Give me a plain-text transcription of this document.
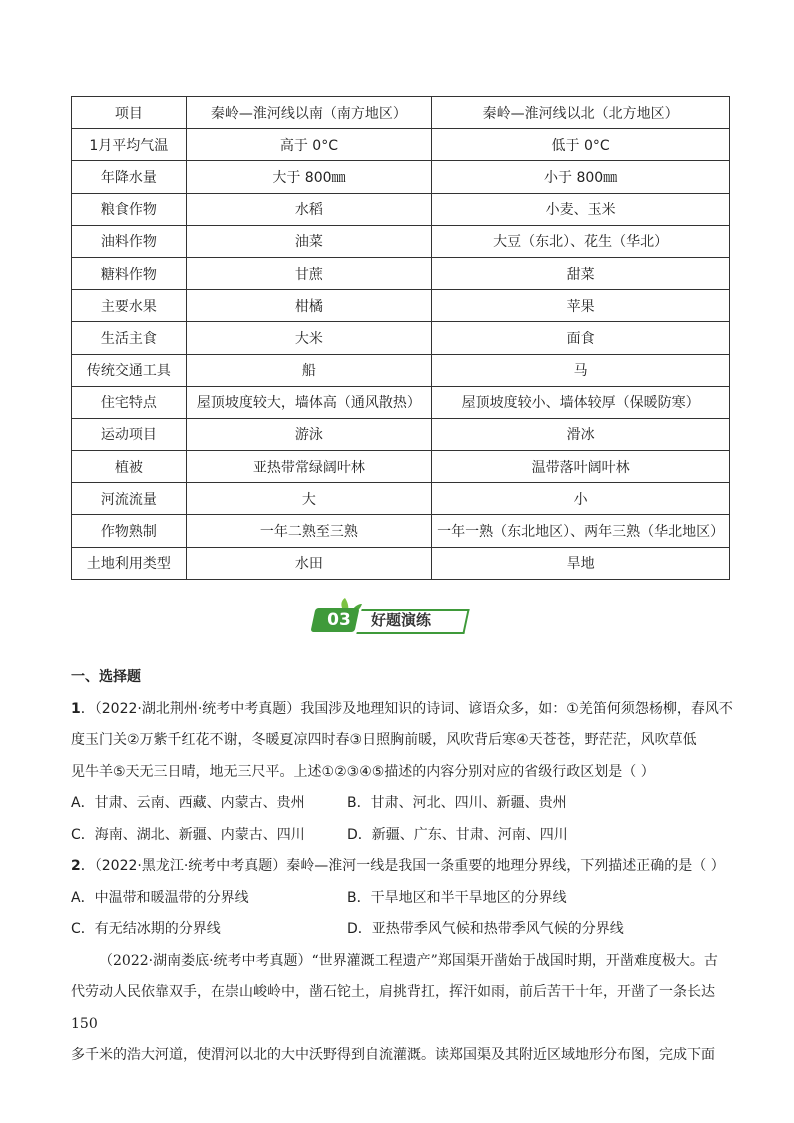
项目	秦岭—淮河线以南（南方地区）	秦岭—淮河线以北（北方地区）
1月平均气温	高于 0°C	低于 0°C
年降水量	大于 800㎜	小于 800㎜
粮食作物	水稻	小麦、玉米
油料作物	油菜	大豆（东北）、花生（华北）
糖料作物	甘蔗	甜菜
主要水果	柑橘	苹果
生活主食	大米	面食
传统交通工具	船	马
住宅特点	屋顶坡度较大，墙体高（通风散热）	屋顶坡度较小、墙体较厚（保暖防寒）
运动项目	游泳	滑冰
植被	亚热带常绿阔叶林	温带落叶阔叶林
河流流量	大	小
作物熟制	一年二熟至三熟	一年一熟（东北地区）、两年三熟（华北地区）
土地利用类型	水田	旱地
03	好题演练

一、选择题

1．（2022·湖北荆州·统考中考真题）我国涉及地理知识的诗词、谚语众多，如：①羌笛何须怨杨柳，春风不

度玉门关②万紫千红花不谢，冬暖夏凉四时春③日照胸前暖，风吹背后寒④天苍苍，野茫茫，风吹草低

见牛羊⑤天无三日晴，地无三尺平。上述①②③④⑤描述的内容分别对应的省级行政区划是（ ）

A．甘肃、云南、西藏、内蒙古、贵州	B．甘肃、河北、四川、新疆、贵州
C．海南、湖北、新疆、内蒙古、四川	D．新疆、广东、甘肃、河南、四川

2．（2022·黑龙江·统考中考真题）秦岭—淮河一线是我国一条重要的地理分界线，下列描述正确的是（ ）

A．中温带和暖温带的分界线	B．干旱地区和半干旱地区的分界线
C．有无结冰期的分界线	D．亚热带季风气候和热带季风气候的分界线

（2022·湖南娄底·统考中考真题）“世界灌溉工程遗产”郑国渠开凿始于战国时期，开凿难度极大。古

代劳动人民依靠双手，在崇山峻岭中，凿石铊土，肩挑背扛，挥汗如雨，前后苦干十年，开凿了一条长达 150

多千米的浩大河道，使渭河以北的大中沃野得到自流灌溉。读郑国渠及其附近区域地形分布图，完成下面
